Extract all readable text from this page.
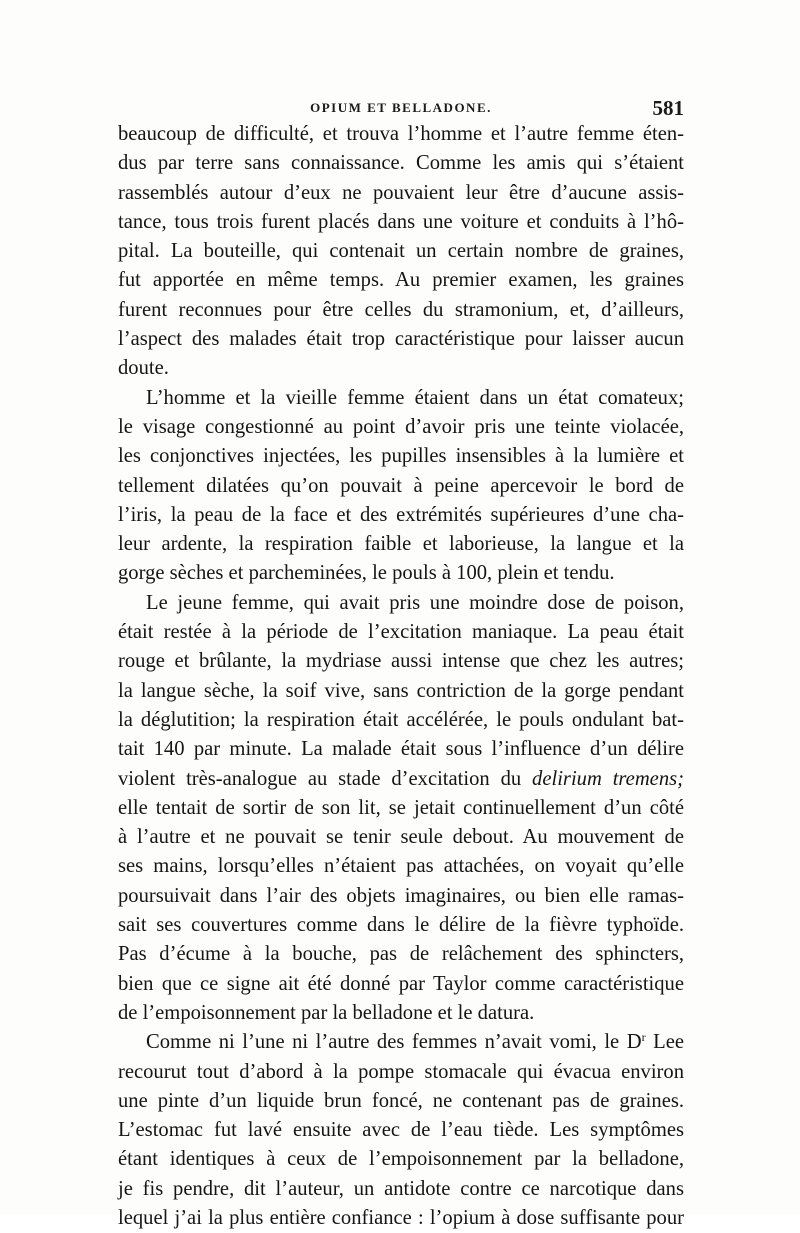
OPIUM ET BELLADONE.	581
beaucoup de difficulté, et trouva l’homme et l’autre femme éten-
dus par terre sans connaissance. Comme les amis qui s’étaient
rassemblés autour d’eux ne pouvaient leur être d’aucune assis-
tance, tous trois furent placés dans une voiture et conduits à l’hô-
pital. La bouteille, qui contenait un certain nombre de graines,
fut apportée en même temps. Au premier examen, les graines
furent reconnues pour être celles du stramonium, et, d’ailleurs,
l’aspect des malades était trop caractéristique pour laisser aucun
doute.
L’homme et la vieille femme étaient dans un état comateux;
le visage congestionné au point d’avoir pris une teinte violacée,
les conjonctives injectées, les pupilles insensibles à la lumière et
tellement dilatées qu’on pouvait à peine apercevoir le bord de
l’iris, la peau de la face et des extrémités supérieures d’une cha-
leur ardente, la respiration faible et laborieuse, la langue et la
gorge sèches et parcheminées, le pouls à 100, plein et tendu.
Le jeune femme, qui avait pris une moindre dose de poison,
était restée à la période de l’excitation maniaque. La peau était
rouge et brûlante, la mydriase aussi intense que chez les autres;
la langue sèche, la soif vive, sans contriction de la gorge pendant
la déglutition; la respiration était accélérée, le pouls ondulant bat-
tait 140 par minute. La malade était sous l’influence d’un délire
violent très-analogue au stade d’excitation du delirium tremens;
elle tentait de sortir de son lit, se jetait continuellement d’un côté
à l’autre et ne pouvait se tenir seule debout. Au mouvement de
ses mains, lorsqu’elles n’étaient pas attachées, on voyait qu’elle
poursuivait dans l’air des objets imaginaires, ou bien elle ramas-
sait ses couvertures comme dans le délire de la fièvre typhoïde.
Pas d’écume à la bouche, pas de relâchement des sphincters,
bien que ce signe ait été donné par Taylor comme caractéristique
de l’empoisonnement par la belladone et le datura.
Comme ni l’une ni l’autre des femmes n’avait vomi, le $D^r$ Lee
recourut tout d’abord à la pompe stomacale qui évacua environ
une pinte d’un liquide brun foncé, ne contenant pas de graines.
L’estomac fut lavé ensuite avec de l’eau tiède. Les symptômes
étant identiques à ceux de l’empoisonnement par la belladone,
je fis pendre, dit l’auteur, un antidote contre ce narcotique dans
lequel j’ai la plus entière confiance : l’opium à dose suffisante pour
